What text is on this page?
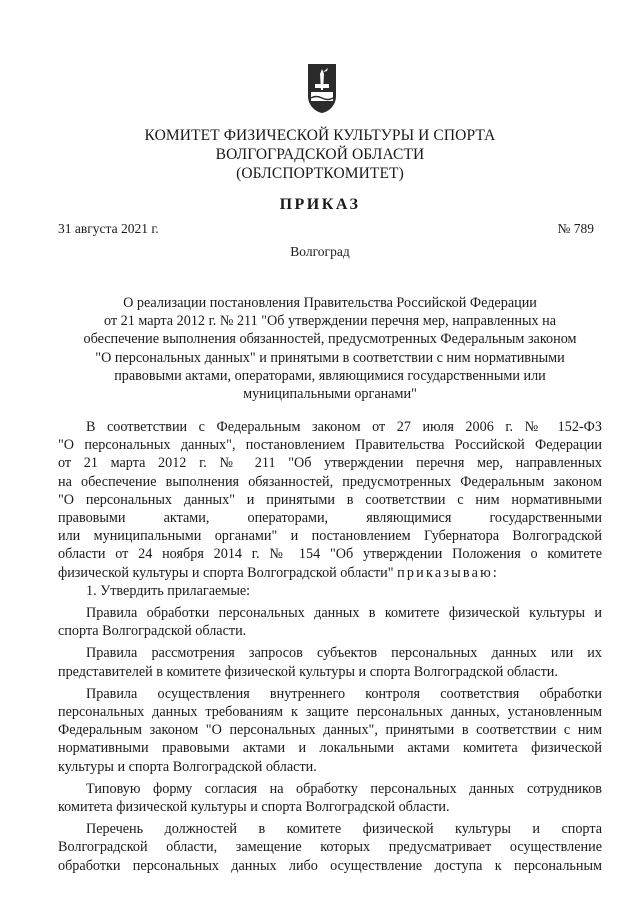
КОМИТЕТ ФИЗИЧЕСКОЙ КУЛЬТУРЫ И СПОРТА
ВОЛГОГРАДСКОЙ ОБЛАСТИ
(ОБЛСПОРТКОМИТЕТ)
ПРИКАЗ
31 августа 2021 г.	№ 789
Волгоград
О реализации постановления Правительства Российской Федерации
от 21 марта 2012 г. № 211 "Об утверждении перечня мер, направленных на
обеспечение выполнения обязанностей, предусмотренных Федеральным законом
"О персональных данных" и принятыми в соответствии с ним нормативными
правовыми актами, операторами, являющимися государственными или
муниципальными органами"
В соответствии с Федеральным законом от 27 июля 2006 г. № 152-ФЗ
"О персональных данных", постановлением Правительства Российской Федерации
от 21 марта 2012 г. № 211 "Об утверждении перечня мер, направленных
на обеспечение выполнения обязанностей, предусмотренных Федеральным законом
"О персональных данных" и принятыми в соответствии с ним нормативными
правовыми актами, операторами, являющимися государственными
или муниципальными органами" и постановлением Губернатора Волгоградской
области от 24 ноября 2014 г. № 154 "Об утверждении Положения о комитете
физической культуры и спорта Волгоградской области" приказываю:
1. Утвердить прилагаемые:
Правила обработки персональных данных в комитете физической культуры и
спорта Волгоградской области.
Правила рассмотрения запросов субъектов персональных данных или их
представителей в комитете физической культуры и спорта Волгоградской области.
Правила осуществления внутреннего контроля соответствия обработки
персональных данных требованиям к защите персональных данных, установленным
Федеральным законом "О персональных данных", принятыми в соответствии с ним
нормативными правовыми актами и локальными актами комитета физической
культуры и спорта Волгоградской области.
Типовую форму согласия на обработку персональных данных сотрудников
комитета физической культуры и спорта Волгоградской области.
Перечень должностей в комитете физической культуры и спорта
Волгоградской области, замещение которых предусматривает осуществление
обработки персональных данных либо осуществление доступа к персональным
